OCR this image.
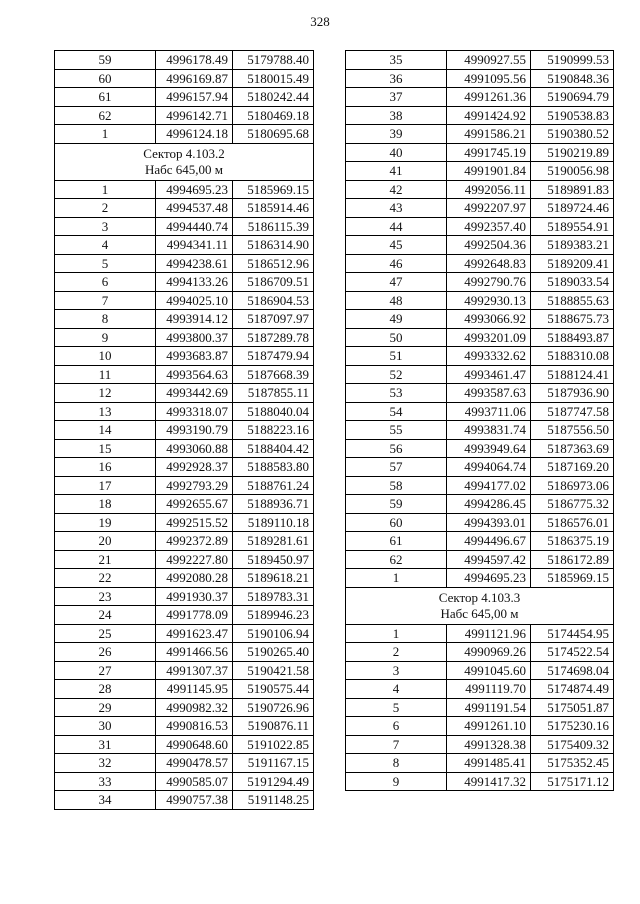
328
59	4996178.49	5179788.40
60	4996169.87	5180015.49
61	4996157.94	5180242.44
62	4996142.71	5180469.18
1	4996124.18	5180695.68

Сектор 4.103.2
Набс 645,00 м		

1	4994695.23	5185969.15
2	4994537.48	5185914.46
3	4994440.74	5186115.39
4	4994341.11	5186314.90
5	4994238.61	5186512.96
6	4994133.26	5186709.51
7	4994025.10	5186904.53
8	4993914.12	5187097.97
9	4993800.37	5187289.78
10	4993683.87	5187479.94
11	4993564.63	5187668.39
12	4993442.69	5187855.11
13	4993318.07	5188040.04
14	4993190.79	5188223.16
15	4993060.88	5188404.42
16	4992928.37	5188583.80
17	4992793.29	5188761.24
18	4992655.67	5188936.71
19	4992515.52	5189110.18
20	4992372.89	5189281.61
21	4992227.80	5189450.97
22	4992080.28	5189618.21
23	4991930.37	5189783.31
24	4991778.09	5189946.23
25	4991623.47	5190106.94
26	4991466.56	5190265.40
27	4991307.37	5190421.58
28	4991145.95	5190575.44
29	4990982.32	5190726.96
30	4990816.53	5190876.11
31	4990648.60	5191022.85
32	4990478.57	5191167.15
33	4990585.07	5191294.49
34	4990757.38	5191148.25
35	4990927.55	5190999.53
36	4991095.56	5190848.36
37	4991261.36	5190694.79
38	4991424.92	5190538.83
39	4991586.21	5190380.52
40	4991745.19	5190219.89
41	4991901.84	5190056.98
42	4992056.11	5189891.83
43	4992207.97	5189724.46
44	4992357.40	5189554.91
45	4992504.36	5189383.21
46	4992648.83	5189209.41
47	4992790.76	5189033.54
48	4992930.13	5188855.63
49	4993066.92	5188675.73
50	4993201.09	5188493.87
51	4993332.62	5188310.08
52	4993461.47	5188124.41
53	4993587.63	5187936.90
54	4993711.06	5187747.58
55	4993831.74	5187556.50
56	4993949.64	5187363.69
57	4994064.74	5187169.20
58	4994177.02	5186973.06
59	4994286.45	5186775.32
60	4994393.01	5186576.01
61	4994496.67	5186375.19
62	4994597.42	5186172.89
1	4994695.23	5185969.15

Сектор 4.103.3
Набс 645,00 м		

1	4991121.96	5174454.95
2	4990969.26	5174522.54
3	4991045.60	5174698.04
4	4991119.70	5174874.49
5	4991191.54	5175051.87
6	4991261.10	5175230.16
7	4991328.38	5175409.32
8	4991485.41	5175352.45
9	4991417.32	5175171.12
